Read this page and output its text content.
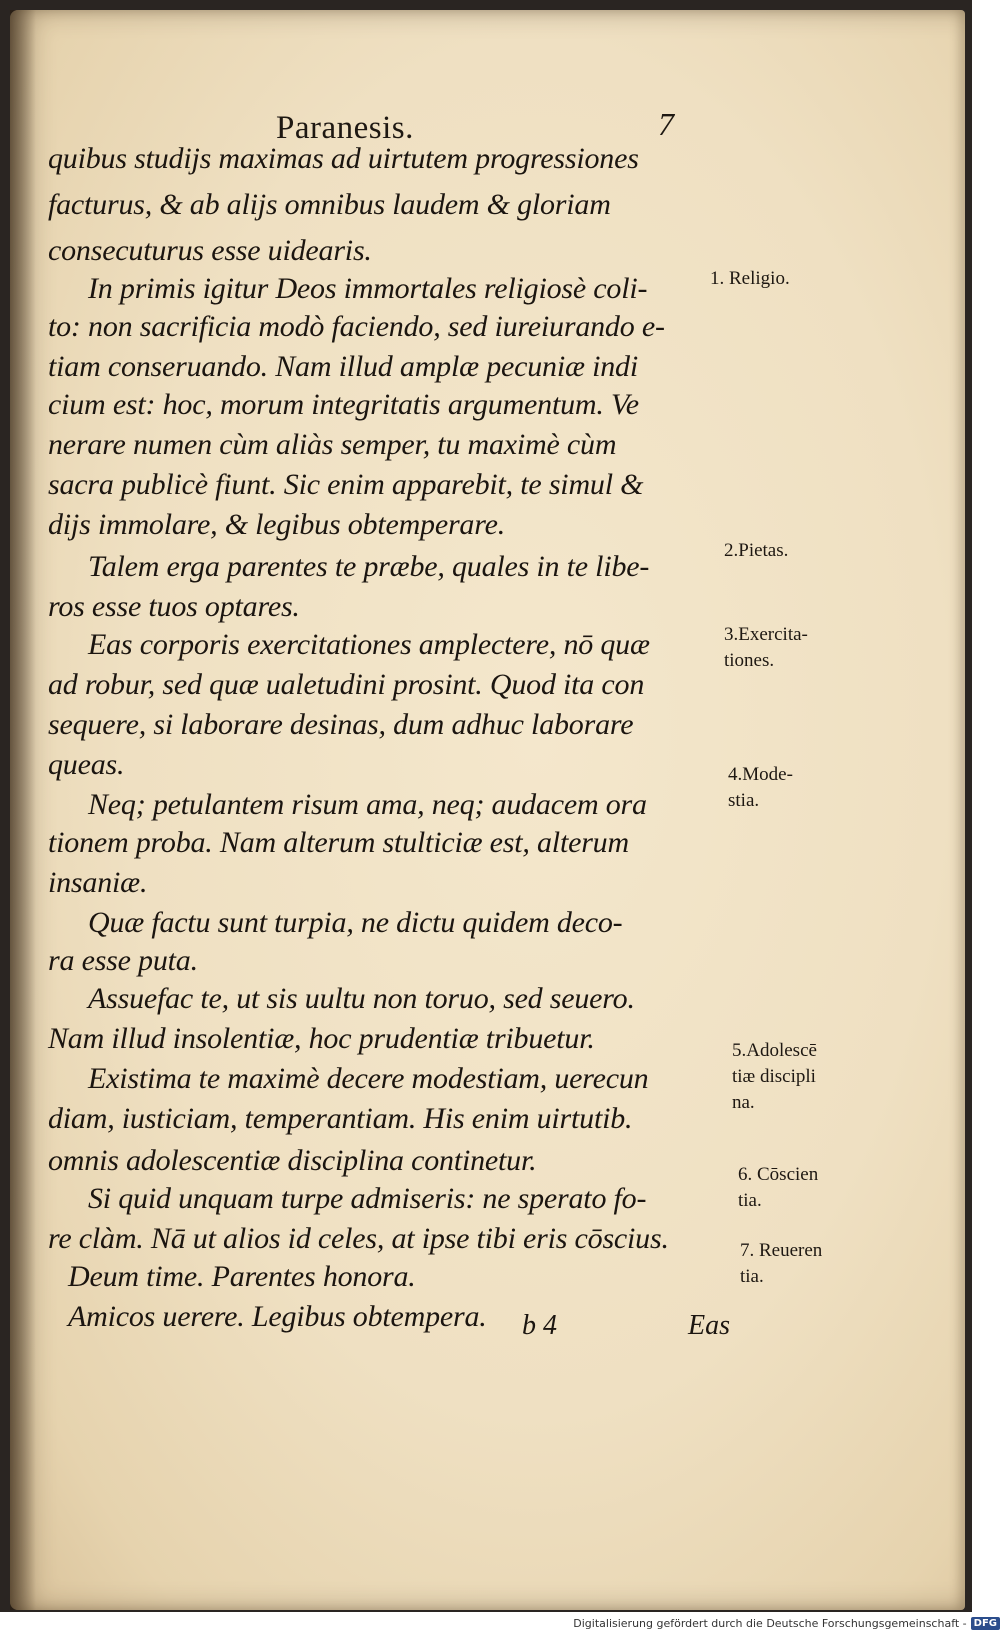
Paranesis.	7
quibus studijs maximas ad uirtutem progressiones
facturus, & ab alijs omnibus laudem & gloriam
consecuturus esse uidearis.
In primis igitur Deos immortales religiosè coli-
to: non sacrificia modò faciendo, sed iureiurando e-
tiam conseruando. Nam illud amplæ pecuniæ indi
cium est: hoc, morum integritatis argumentum. Ve
nerare numen cùm aliàs semper, tu maximè cùm
sacra publicè fiunt. Sic enim apparebit, te simul &
dijs immolare, & legibus obtemperare.
Talem erga parentes te præbe, quales in te libe-
ros esse tuos optares.
Eas corporis exercitationes amplectere, nō quæ
ad robur, sed quæ ualetudini prosint. Quod ita con
sequere, si laborare desinas, dum adhuc laborare
queas.
Neq; petulantem risum ama, neq; audacem ora
tionem proba. Nam alterum stulticiæ est, alterum
insaniæ.
Quæ factu sunt turpia, ne dictu quidem deco-
ra esse puta.
Assuefac te, ut sis uultu non toruo, sed seuero.
Nam illud insolentiæ, hoc prudentiæ tribuetur.
Existima te maximè decere modestiam, uerecun
diam, iusticiam, temperantiam. His enim uirtutib.
omnis adolescentiæ disciplina continetur.
Si quid unquam turpe admiseris: ne sperato fo-
re clàm. Nā ut alios id celes, at ipse tibi eris cōscius.
Deum time. Parentes honora.
Amicos uerere. Legibus obtempera.
1. Religio.
2.Pietas.
3.Exercita-
tiones.
4.Mode-
stia.
5.Adolescē
tiæ discipli
na.
6. Cōscien
tia.
7. Reueren
tia.
b 4	Eas
Digitalisierung gefördert durch die Deutsche Forschungsgemeinschaft - DFG
